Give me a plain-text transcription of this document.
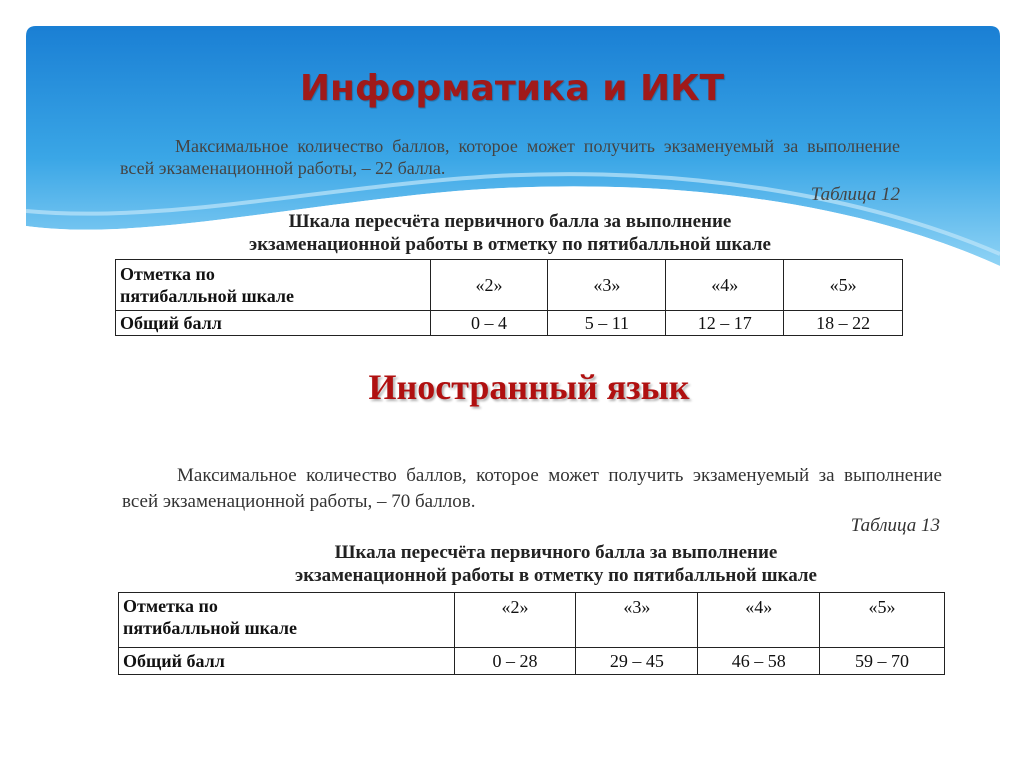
Информатика и ИКТ
Максимальное количество баллов, которое может получить экзаменуемый за выполнение всей экзаменационной работы, – 22 балла.
Таблица 12
Шкала пересчёта первичного балла за выполнение
экзаменационной работы в отметку по пятибалльной шкале
Отметка по
пятибалльной шкале	«2»	«3»	«4»	«5»
Общий балл	0 – 4	5 – 11	12 – 17	18 – 22
Иностранный язык
Максимальное количество баллов, которое может получить экзаменуемый за выполнение всей экзаменационной работы, – 70 баллов.
Таблица 13
Шкала пересчёта первичного балла за выполнение
экзаменационной работы в отметку по пятибалльной шкале
Отметка по
пятибалльной шкале	«2»	«3»	«4»	«5»
Общий балл	0 – 28	29 – 45	46 – 58	59 – 70
